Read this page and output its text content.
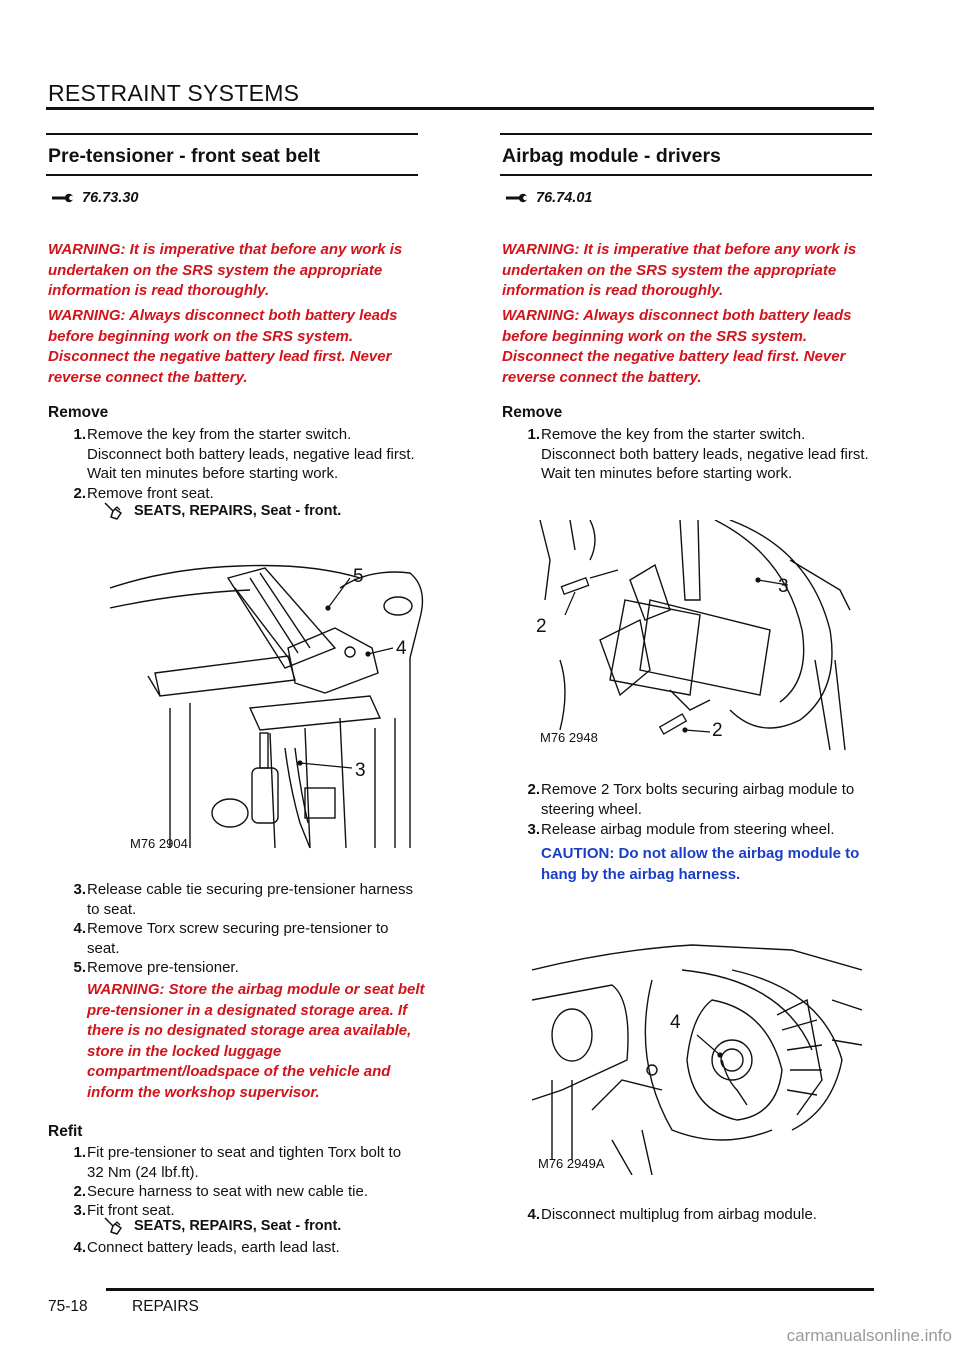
RESTRAINT SYSTEMS
Pre-tensioner - front seat belt
76.73.30
WARNING: It is imperative that before any work is undertaken on the SRS system the appropriate information is read thoroughly.
WARNING: Always disconnect both battery leads before beginning work on the SRS system. Disconnect the negative battery lead first. Never reverse connect the battery.
Remove
1. Remove the key from the starter switch. Disconnect both battery leads, negative lead first. Wait ten minutes before starting work.
2. Remove front seat.
SEATS, REPAIRS, Seat - front.
M76 2904
5
4
3
3. Release cable tie securing pre-tensioner harness to seat.
4. Remove Torx screw securing pre-tensioner to seat.
5. Remove pre-tensioner.
WARNING: Store the airbag module or seat belt pre-tensioner in a designated storage area. If there is no designated storage area available, store in the locked luggage compartment/loadspace of the vehicle and inform the workshop supervisor.
Refit
1. Fit pre-tensioner to seat and tighten Torx bolt to 32 Nm (24 lbf.ft).
2. Secure harness to seat with new cable tie.
3. Fit front seat.
SEATS, REPAIRS, Seat - front.
4. Connect battery leads, earth lead last.
Airbag module - drivers
76.74.01
WARNING: It is imperative that before any work is undertaken on the SRS system the appropriate information is read thoroughly.
WARNING: Always disconnect both battery leads before beginning work on the SRS system. Disconnect the negative battery lead first. Never reverse connect the battery.
Remove
1. Remove the key from the starter switch. Disconnect both battery leads, negative lead first. Wait ten minutes before starting work.
M76 2948
2
3
2
2. Remove 2 Torx bolts securing airbag module to steering wheel.
3. Release airbag module from steering wheel.
CAUTION: Do not allow the airbag module to hang by the airbag harness.
M76 2949A
4
4. Disconnect multiplug from airbag module.
75-18	REPAIRS
carmanualsonline.info
